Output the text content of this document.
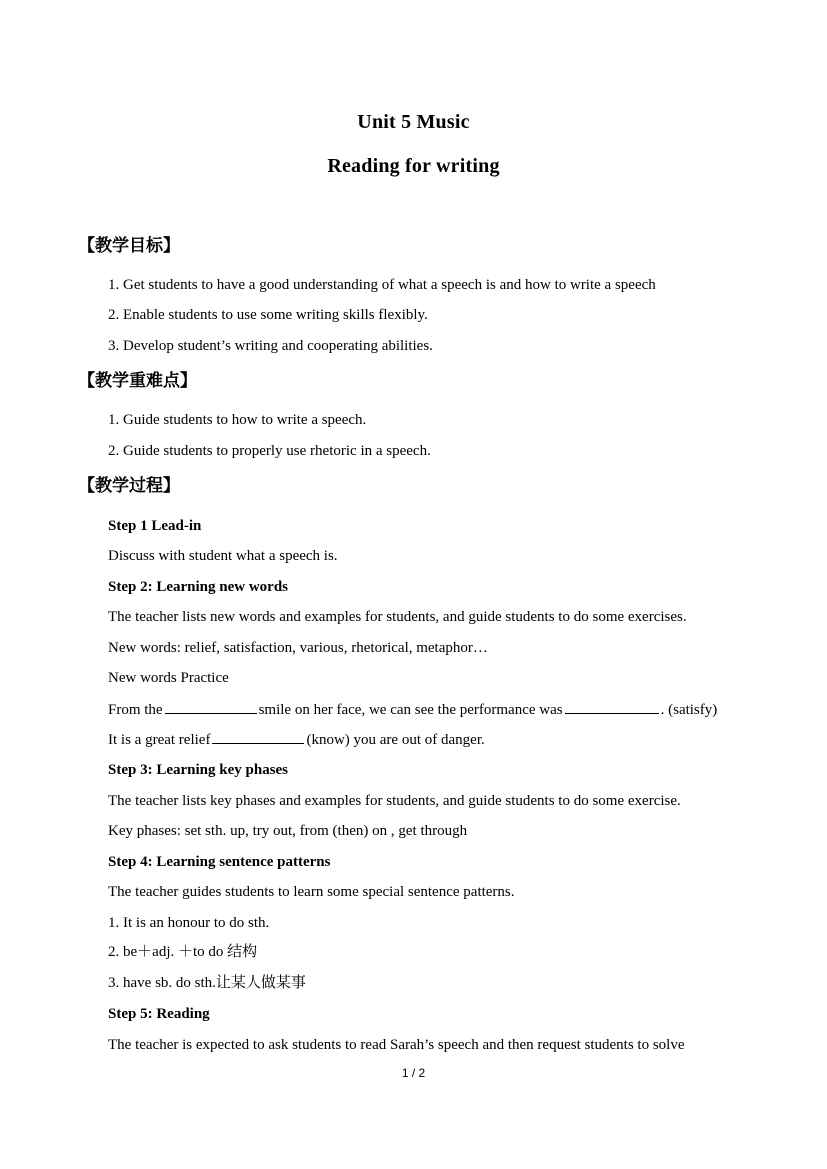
Unit 5 Music
Reading for writing
【教学目标】
1. Get students to have a good understanding of what a speech is and how to write a speech
2. Enable students to use some writing skills flexibly.
3. Develop student’s writing and cooperating abilities.
【教学重难点】
1. Guide students to how to write a speech.
2. Guide students to properly use rhetoric in a speech.
【教学过程】
Step 1 Lead-in
Discuss with student what a speech is.
Step 2: Learning new words
The teacher lists new words and examples for students, and guide students to do some exercises.
New words: relief, satisfaction, various, rhetorical, metaphor…
New words Practice
From the	smile on her face, we can see the performance was	. (satisfy)
It is a great relief	(know) you are out of danger.
Step 3: Learning key phases
The teacher lists key phases and examples for students, and guide students to do some exercise.
Key phases: set sth. up, try out, from (then) on , get through
Step 4: Learning sentence patterns
The teacher guides students to learn some special sentence patterns.
1. It is an honour to do sth.
2. be＋adj. ＋to do 结构
3. have sb. do sth.让某人做某事
Step 5: Reading
The teacher is expected to ask students to read Sarah’s speech and then request students to solve
1 / 2
